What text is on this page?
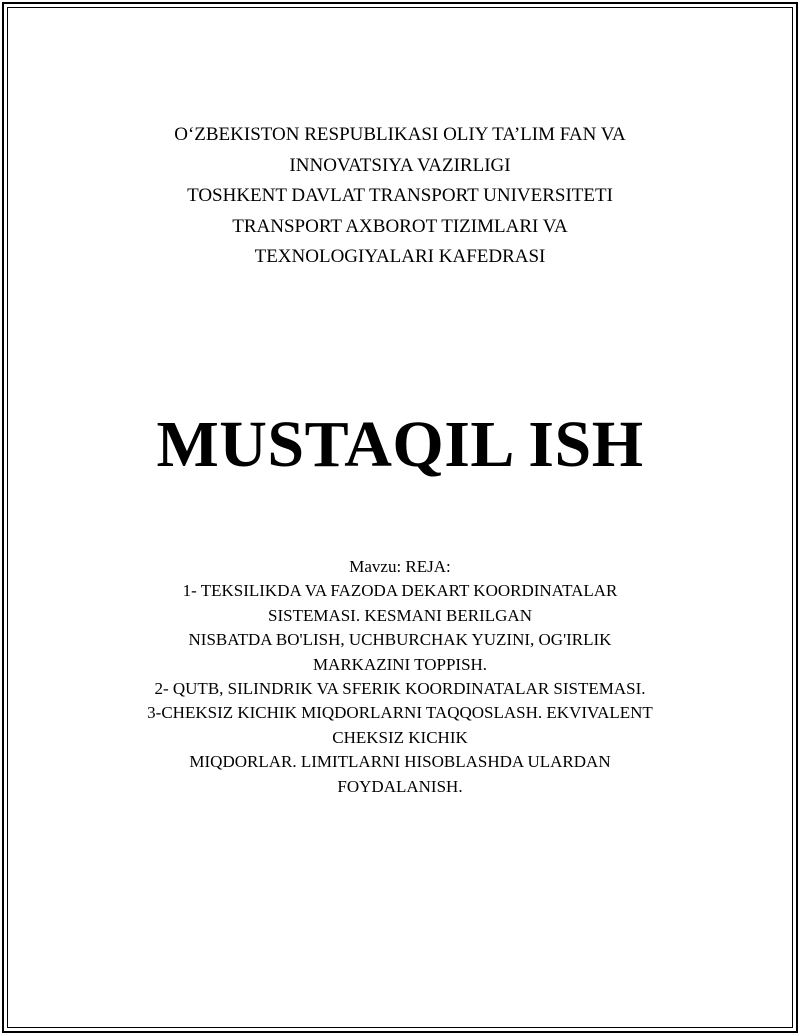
O‘ZBEKISTON RESPUBLIKASI OLIY TA’LIM FAN VA
INNOVATSIYA VAZIRLIGI
TOSHKENT DAVLAT TRANSPORT UNIVERSITETI
TRANSPORT AXBOROT TIZIMLARI VA
TEXNOLOGIYALARI KAFEDRASI
MUSTAQIL ISH
Mavzu: REJA:
1- TEKSILIKDA VA FAZODA DEKART KOORDINATALAR
SISTEMASI. KESMANI BERILGAN
NISBATDA BO'LISH, UCHBURCHAK YUZINI, OG'IRLIK
MARKAZINI TOPPISH.
2- QUTB, SILINDRIK VA SFERIK KOORDINATALAR SISTEMASI.
3-CHEKSIZ KICHIK MIQDORLARNI TAQQOSLASH. EKVIVALENT
CHEKSIZ KICHIK
MIQDORLAR. LIMITLARNI HISOBLASHDA ULARDAN
FOYDALANISH.
